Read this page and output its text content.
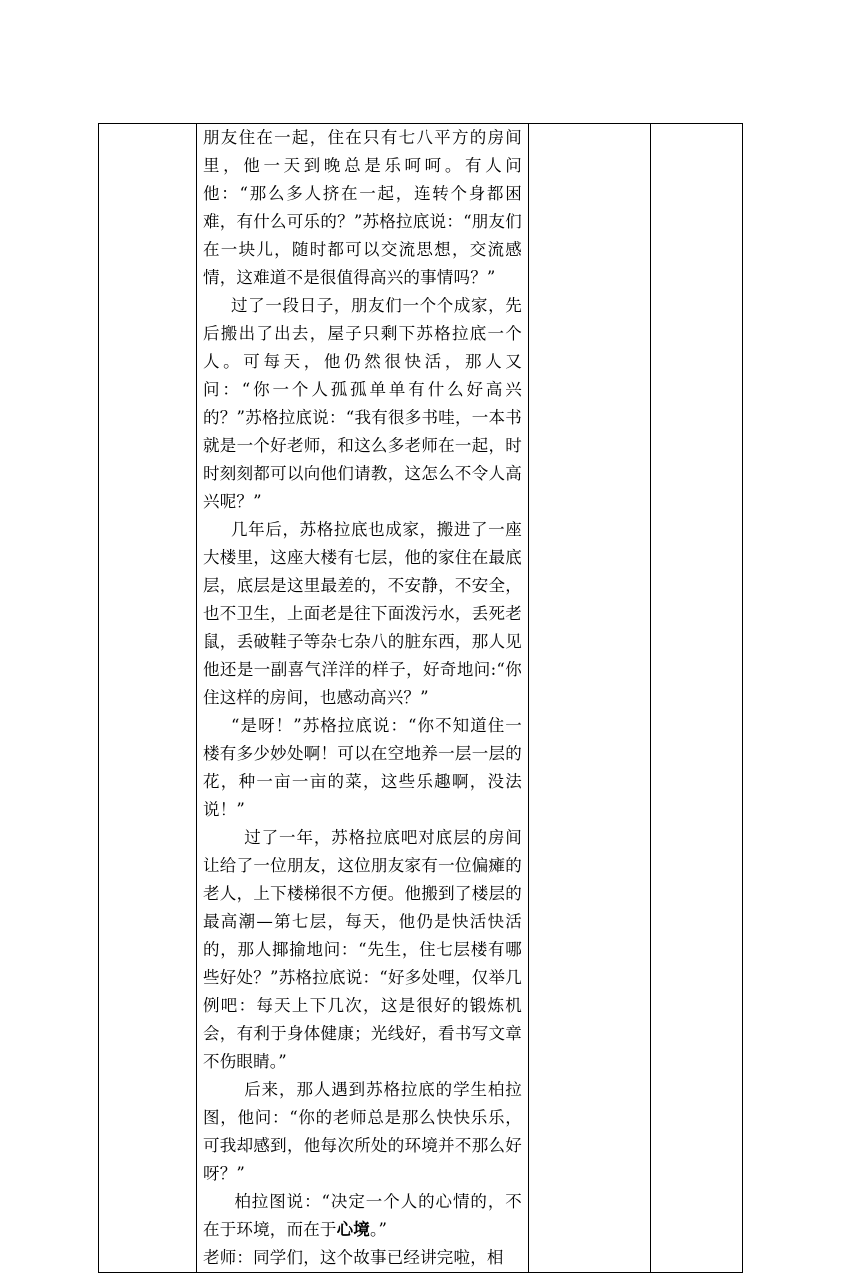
朋友住在一起，住在只有七八平方的房间里，他一天到晚总是乐呵呵。有人问他：“那么多人挤在一起，连转个身都困难，有什么可乐的？”苏格拉底说：“朋友们在一块儿，随时都可以交流思想，交流感情，这难道不是很值得高兴的事情吗？”

过了一段日子，朋友们一个个成家，先后搬出了出去，屋子只剩下苏格拉底一个人。可每天，他仍然很快活，那人又问：“你一个人孤孤单单有什么好高兴的？”苏格拉底说：“我有很多书哇，一本书就是一个好老师，和这么多老师在一起，时时刻刻都可以向他们请教，这怎么不令人高兴呢？”

几年后，苏格拉底也成家，搬进了一座大楼里，这座大楼有七层，他的家住在最底层，底层是这里最差的，不安静，不安全，也不卫生，上面老是往下面泼污水，丢死老鼠，丢破鞋子等杂七杂八的脏东西，那人见他还是一副喜气洋洋的样子，好奇地问:“你住这样的房间，也感动高兴？”

“是呀！”苏格拉底说：“你不知道住一楼有多少妙处啊！可以在空地养一层一层的花，种一亩一亩的菜，这些乐趣啊，没法说！”

过了一年，苏格拉底吧对底层的房间让给了一位朋友，这位朋友家有一位偏瘫的老人，上下楼梯很不方便。他搬到了楼层的最高潮—第七层，每天，他仍是快活快活的，那人揶揄地问：“先生，住七层楼有哪些好处？”苏格拉底说：“好多处哩，仅举几例吧：每天上下几次，这是很好的锻炼机会，有利于身体健康；光线好，看书写文章不伤眼睛。”

后来，那人遇到苏格拉底的学生柏拉图，他问：“你的老师总是那么快快乐乐，可我却感到，他每次所处的环境并不那么好呀？”

柏拉图说：“决定一个人的心情的，不在于环境，而在于心境。”

老师：同学们，这个故事已经讲完啦，相
